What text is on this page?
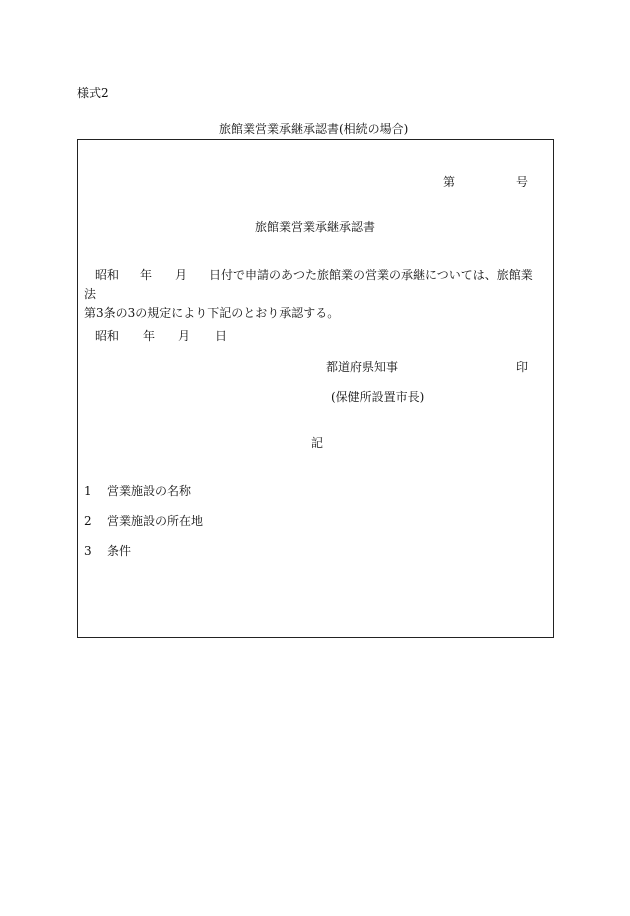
様式2
旅館業営業承継承認書(相続の場合)
第	号
旅館業営業承継承認書
昭和 年 月 日付で申請のあつた旅館業の営業の承継については、旅館業法
第3条の3の規定により下記のとおり承認する。
昭和 年 月 日
都道府県知事	印
(保健所設置市長)
記
1 営業施設の名称
2 営業施設の所在地
3 条件
